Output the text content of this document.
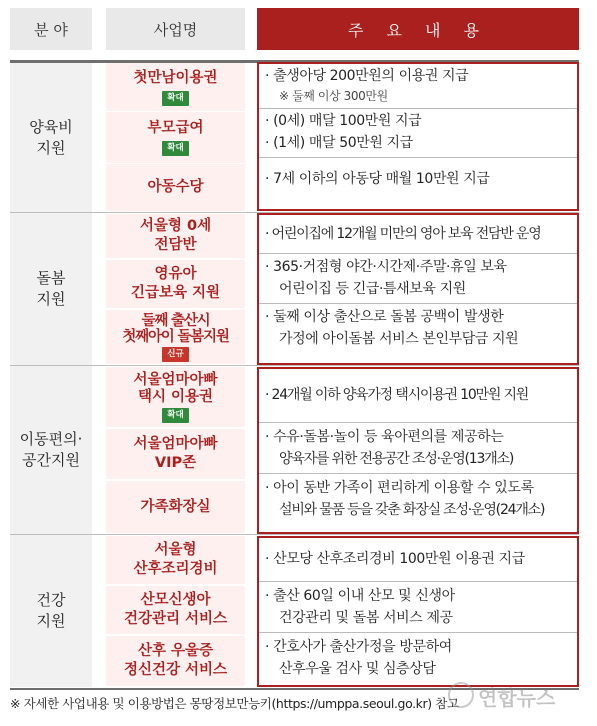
분 야	사업명	주 요 내 용
양육비
지원
돌봄
지원
이동편의·
공간지원
건강
지원
첫만남이용권
확대
부모급여
확대
아동수당
서울형 0세
전담반
영유아
긴급보육 지원
둘째 출산시
첫째아이 돌봄지원
신규
서울엄마아빠
택시 이용권
확대
서울엄마아빠
VIP존
가족화장실
서울형
산후조리경비
산모신생아
건강관리 서비스
산후 우울증
정신건강 서비스
· 출생아당 200만원의 이용권 지급
※ 둘째 이상 300만원
· (0세) 매달 100만원 지급
· (1세) 매달 50만원 지급
· 7세 이하의 아동당 매월 10만원 지급
· 어린이집에 12개월 미만의 영아 보육 전담반 운영
· 365·거점형 야간·시간제·주말·휴일 보육
어린이집 등 긴급·틈새보육 지원
· 둘째 이상 출산으로 돌봄 공백이 발생한
가정에 아이돌봄 서비스 본인부담금 지원
· 24개월 이하 양육가정 택시이용권 10만원 지원
· 수유·돌봄·놀이 등 육아편의를 제공하는
양육자를 위한 전용공간 조성·운영(13개소)
· 아이 동반 가족이 편리하게 이용할 수 있도록
설비와 물품 등을 갖춘 화장실 조성·운영(24개소)
· 산모당 산후조리경비 100만원 이용권 지급
· 출산 60일 이내 산모 및 신생아
건강관리 및 돌봄 서비스 제공
· 간호사가 출산가정을 방문하여
산후우울 검사 및 심층상담
※ 자세한 사업내용 및 이용방법은 몽땅정보만능키(https://umppa.seoul.go.kr) 참고 연합뉴스
